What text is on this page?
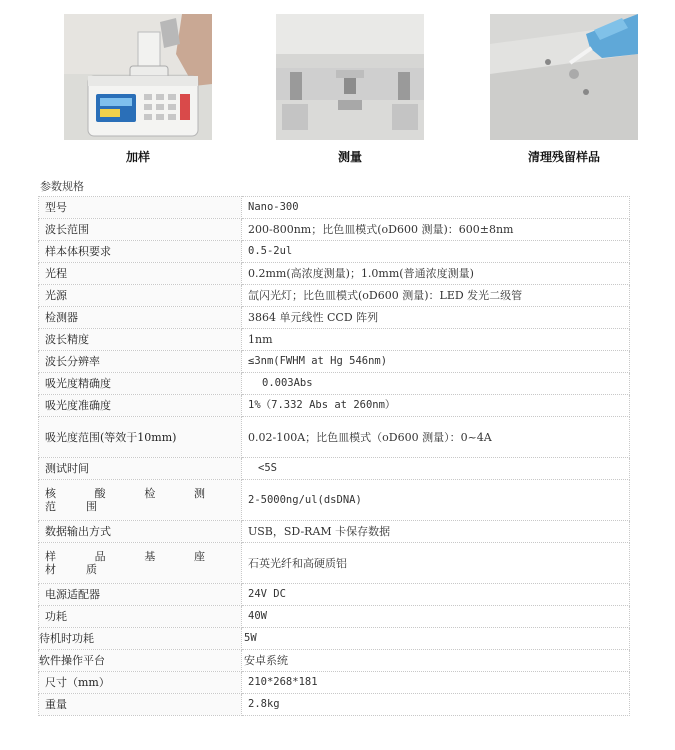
加样	测量	清理残留样品
参数规格
型号	Nano-300
波长范围	200-800nm；比色皿模式(oD600 测量)：600±8nm
样本体积要求	0.5-2ul
光程	0.2mm(高浓度测量)；1.0mm(普通浓度测量)
光源	氙闪光灯；比色皿模式(oD600 测量)：LED 发光二级管
检测器	3864 单元线性 CCD 阵列
波长精度	1nm
波长分辨率	≤3nm(FWHM at Hg 546nm)
吸光度精确度	0.003Abs
吸光度准确度	1%（7.332 Abs at 260nm）
吸光度范围(等效于10mm)	0.02-100A；比色皿模式（oD600 测量）：0~4A
测试时间	<5S
核酸检测范围	2-5000ng/ul(dsDNA)
数据输出方式	USB，SD-RAM 卡保存数据
样品基座材质	石英光纤和高硬质铝
电源适配器	24V DC
功耗	40W
待机时功耗	5W
软件操作平台	安卓系统
尺寸（mm）	210*268*181
重量	2.8kg
